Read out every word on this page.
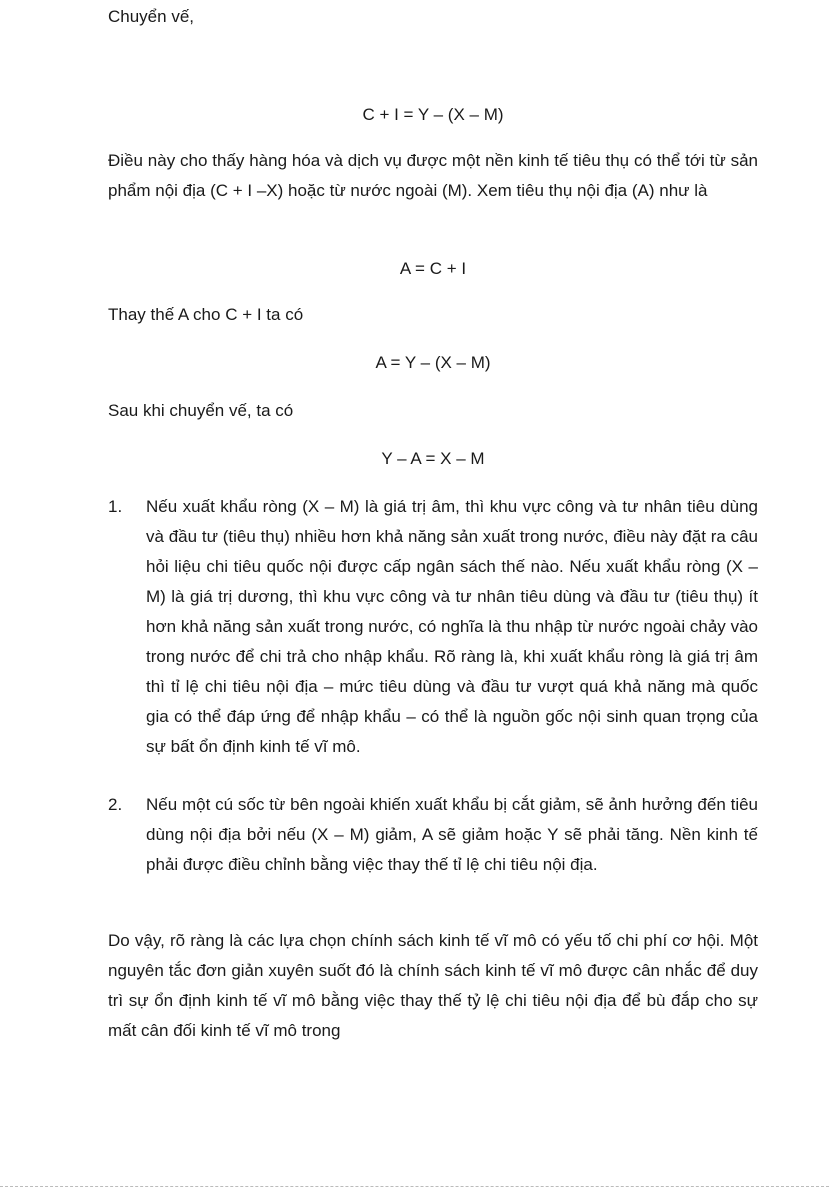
Chuyển vế,
C + I = Y – (X – M)
Điều này cho thấy hàng hóa và dịch vụ được một nền kinh tế tiêu thụ có thể tới từ sản phẩm nội địa (C + I –X) hoặc từ nước ngoài (M). Xem tiêu thụ nội địa (A) như là
A = C + I
Thay thế A cho C + I ta có
A = Y – (X – M)
Sau khi chuyển vế, ta có
Y – A = X – M
1. Nếu xuất khẩu ròng (X – M) là giá trị âm, thì khu vực công và tư nhân tiêu dùng và đầu tư (tiêu thụ) nhiều hơn khả năng sản xuất trong nước, điều này đặt ra câu hỏi liệu chi tiêu quốc nội được cấp ngân sách thế nào. Nếu xuất khẩu ròng (X – M) là giá trị dương, thì khu vực công và tư nhân tiêu dùng và đầu tư (tiêu thụ) ít hơn khả năng sản xuất trong nước, có nghĩa là thu nhập từ nước ngoài chảy vào trong nước để chi trả cho nhập khẩu. Rõ ràng là, khi xuất khẩu ròng là giá trị âm thì tỉ lệ chi tiêu nội địa – mức tiêu dùng và đầu tư vượt quá khả năng mà quốc gia có thể đáp ứng để nhập khẩu – có thể là nguồn gốc nội sinh quan trọng của sự bất ổn định kinh tế vĩ mô.
2. Nếu một cú sốc từ bên ngoài khiến xuất khẩu bị cắt giảm, sẽ ảnh hưởng đến tiêu dùng nội địa bởi nếu (X – M) giảm, A sẽ giảm hoặc Y sẽ phải tăng. Nền kinh tế phải được điều chỉnh bằng việc thay thế tỉ lệ chi tiêu nội địa.
Do vậy, rõ ràng là các lựa chọn chính sách kinh tế vĩ mô có yếu tố chi phí cơ hội. Một nguyên tắc đơn giản xuyên suốt đó là chính sách kinh tế vĩ mô được cân nhắc để duy trì sự ổn định kinh tế vĩ mô bằng việc thay thế tỷ lệ chi tiêu nội địa để bù đắp cho sự mất cân đối kinh tế vĩ mô trong
